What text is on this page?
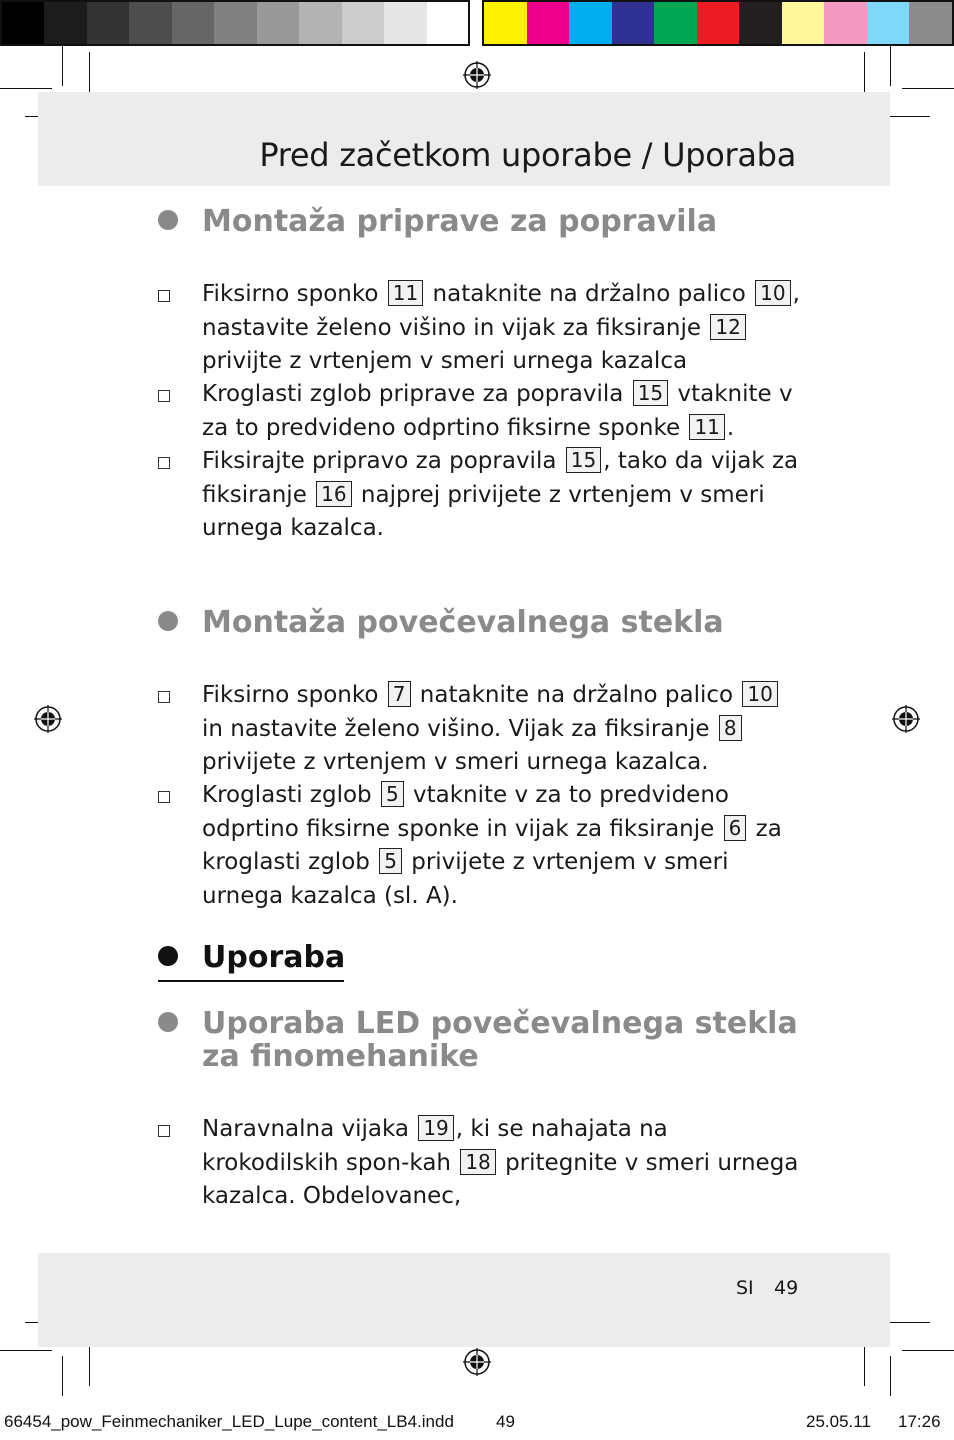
Pred začetkom uporabe / Uporaba
Montaža priprave za popravila
Fiksirno sponko 11 nataknite na držalno palico 10 , nastavite želeno višino in vijak za fiksiranje 12 privijte z vrtenjem v smeri urnega kazalca
Kroglasti zglob priprave za popravila 15 vtaknite v za to predvideno odprtino fiksirne sponke 11 .
Fiksirajte pripravo za popravila 15 , tako da vijak za fiksiranje 16 najprej privijete z vrtenjem v smeri urnega kazalca.
Montaža povečevalnega stekla
Fiksirno sponko 7 nataknite na držalno palico 10 in nastavite želeno višino. Vijak za fiksiranje 8 privijete z vrtenjem v smeri urnega kazalca.
Kroglasti zglob 5 vtaknite v za to predvideno odprtino fiksirne sponke in vijak za fiksiranje 6 za kroglasti zglob 5 privijete z vrtenjem v smeri urnega kazalca (sl. A).
Uporaba
Uporaba LED povečevalnega stekla
za finomehanike
Naravnalna vijaka 19 , ki se nahajata na krokodilskih spon-kah 18 pritegnite v smeri urnega kazalca. Obdelovanec,
SI 49
66454_pow_Feinmechaniker_LED_Lupe_content_LB4.indd 49	25.05.11 17:26
